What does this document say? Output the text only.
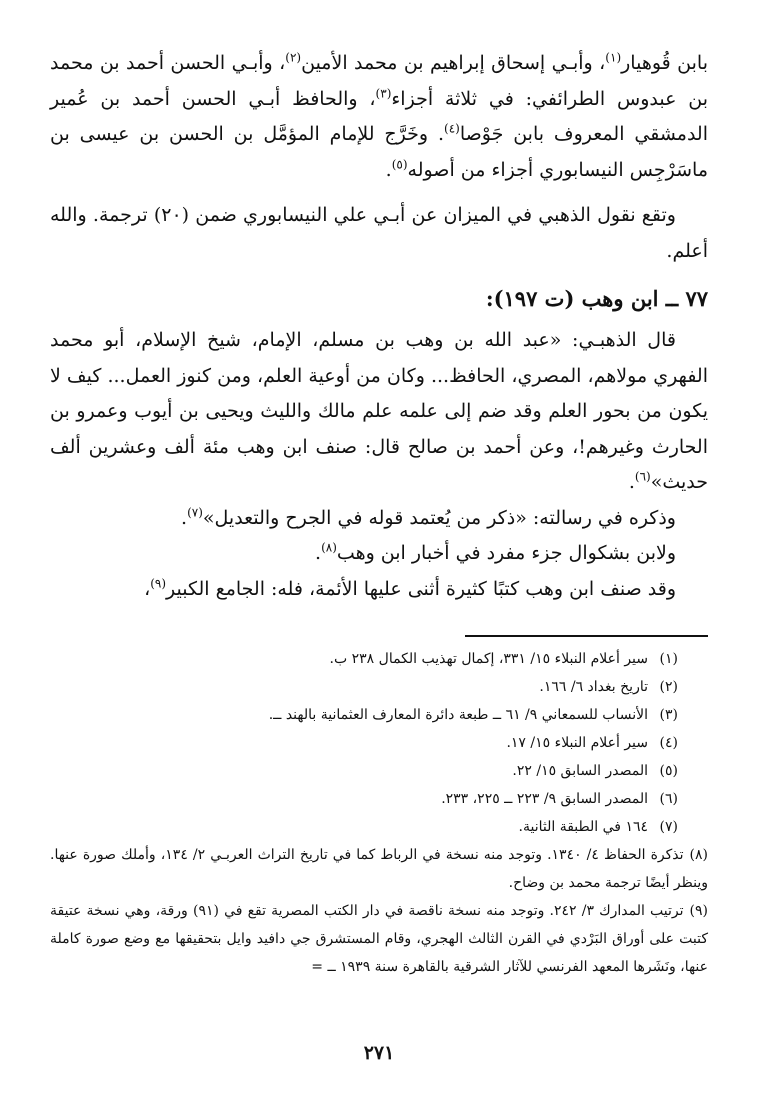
بابن قُوهيار$^{(١)}$، وأبـي إسحاق إبراهيم بن محمد الأمين$^{(٢)}$، وأبـي الحسن أحمد بن محمد بن عبدوس الطرائفي: في ثلاثة أجزاء$^{(٣)}$، والحافظ أبـي الحسن أحمد بن عُمير الدمشقي المعروف بابن جَوْصا$^{(٤)}$. وخَرَّج للإمام المؤمَّل بن الحسن بن عيسى بن ماسَرْجِس النيسابوري أجزاء من أصوله$^{(٥)}$.

وتقع نقول الذهبي في الميزان عن أبـي علي النيسابوري ضمن (٢٠) ترجمة. والله أعلم.

٧٧ ــ ابن وهب (ت ١٩٧):

قال الذهبـي: «عبد الله بن وهب بن مسلم، الإمام، شيخ الإسلام، أبو محمد الفهري مولاهم، المصري، الحافظ... وكان من أوعية العلم، ومن كنوز العمل... كيف لا يكون من بحور العلم وقد ضم إلى علمه علم مالك والليث ويحيى بن أيوب وعمرو بن الحارث وغيرهم!، وعن أحمد بن صالح قال: صنف ابن وهب مئة ألف وعشرين ألف حديث»$^{(٦)}$.

وذكره في رسالته: «ذكر من يُعتمد قوله في الجرح والتعديل»$^{(٧)}$.

ولابن بشكوال جزء مفرد في أخبار ابن وهب$^{(٨)}$.

وقد صنف ابن وهب كتبًا كثيرة أثنى عليها الأئمة، فله: الجامع الكبير$^{(٩)}$،

(١)سير أعلام النبلاء ١٥/ ٣٣١، إكمال تهذيب الكمال ٢٣٨ ب.

(٢)تاريخ بغداد ٦/ ١٦٦.

(٣)الأنساب للسمعاني ٩/ ٦١ ــ طبعة دائرة المعارف العثمانية بالهند ــ.

(٤)سير أعلام النبلاء ١٥/ ١٧.

(٥)المصدر السابق ١٥/ ٢٢.

(٦)المصدر السابق ٩/ ٢٢٣ ــ ٢٢٥، ٢٣٣.

(٧)١٦٤ في الطبقة الثانية.

(٨)تذكرة الحفاظ ٤/ ١٣٤٠. وتوجد منه نسخة في الرباط كما في تاريخ التراث العربـي ٢/ ١٣٤، وأملك صورة عنها. وينظر أيضًا ترجمة محمد بن وضاح.

(٩)ترتيب المدارك ٣/ ٢٤٢. وتوجد منه نسخة ناقصة في دار الكتب المصرية تقع في (٩١) ورقة، وهي نسخة عتيقة كتبت على أوراق البَرْدي في القرن الثالث الهجري، وقام المستشرق جي دافيد وايل بتحقيقها مع وضع صورة كاملة عنها، ونَشَرها المعهد الفرنسي للآثار الشرقية بالقاهرة سنة ١٩٣٩ ــ =

٢٧١
